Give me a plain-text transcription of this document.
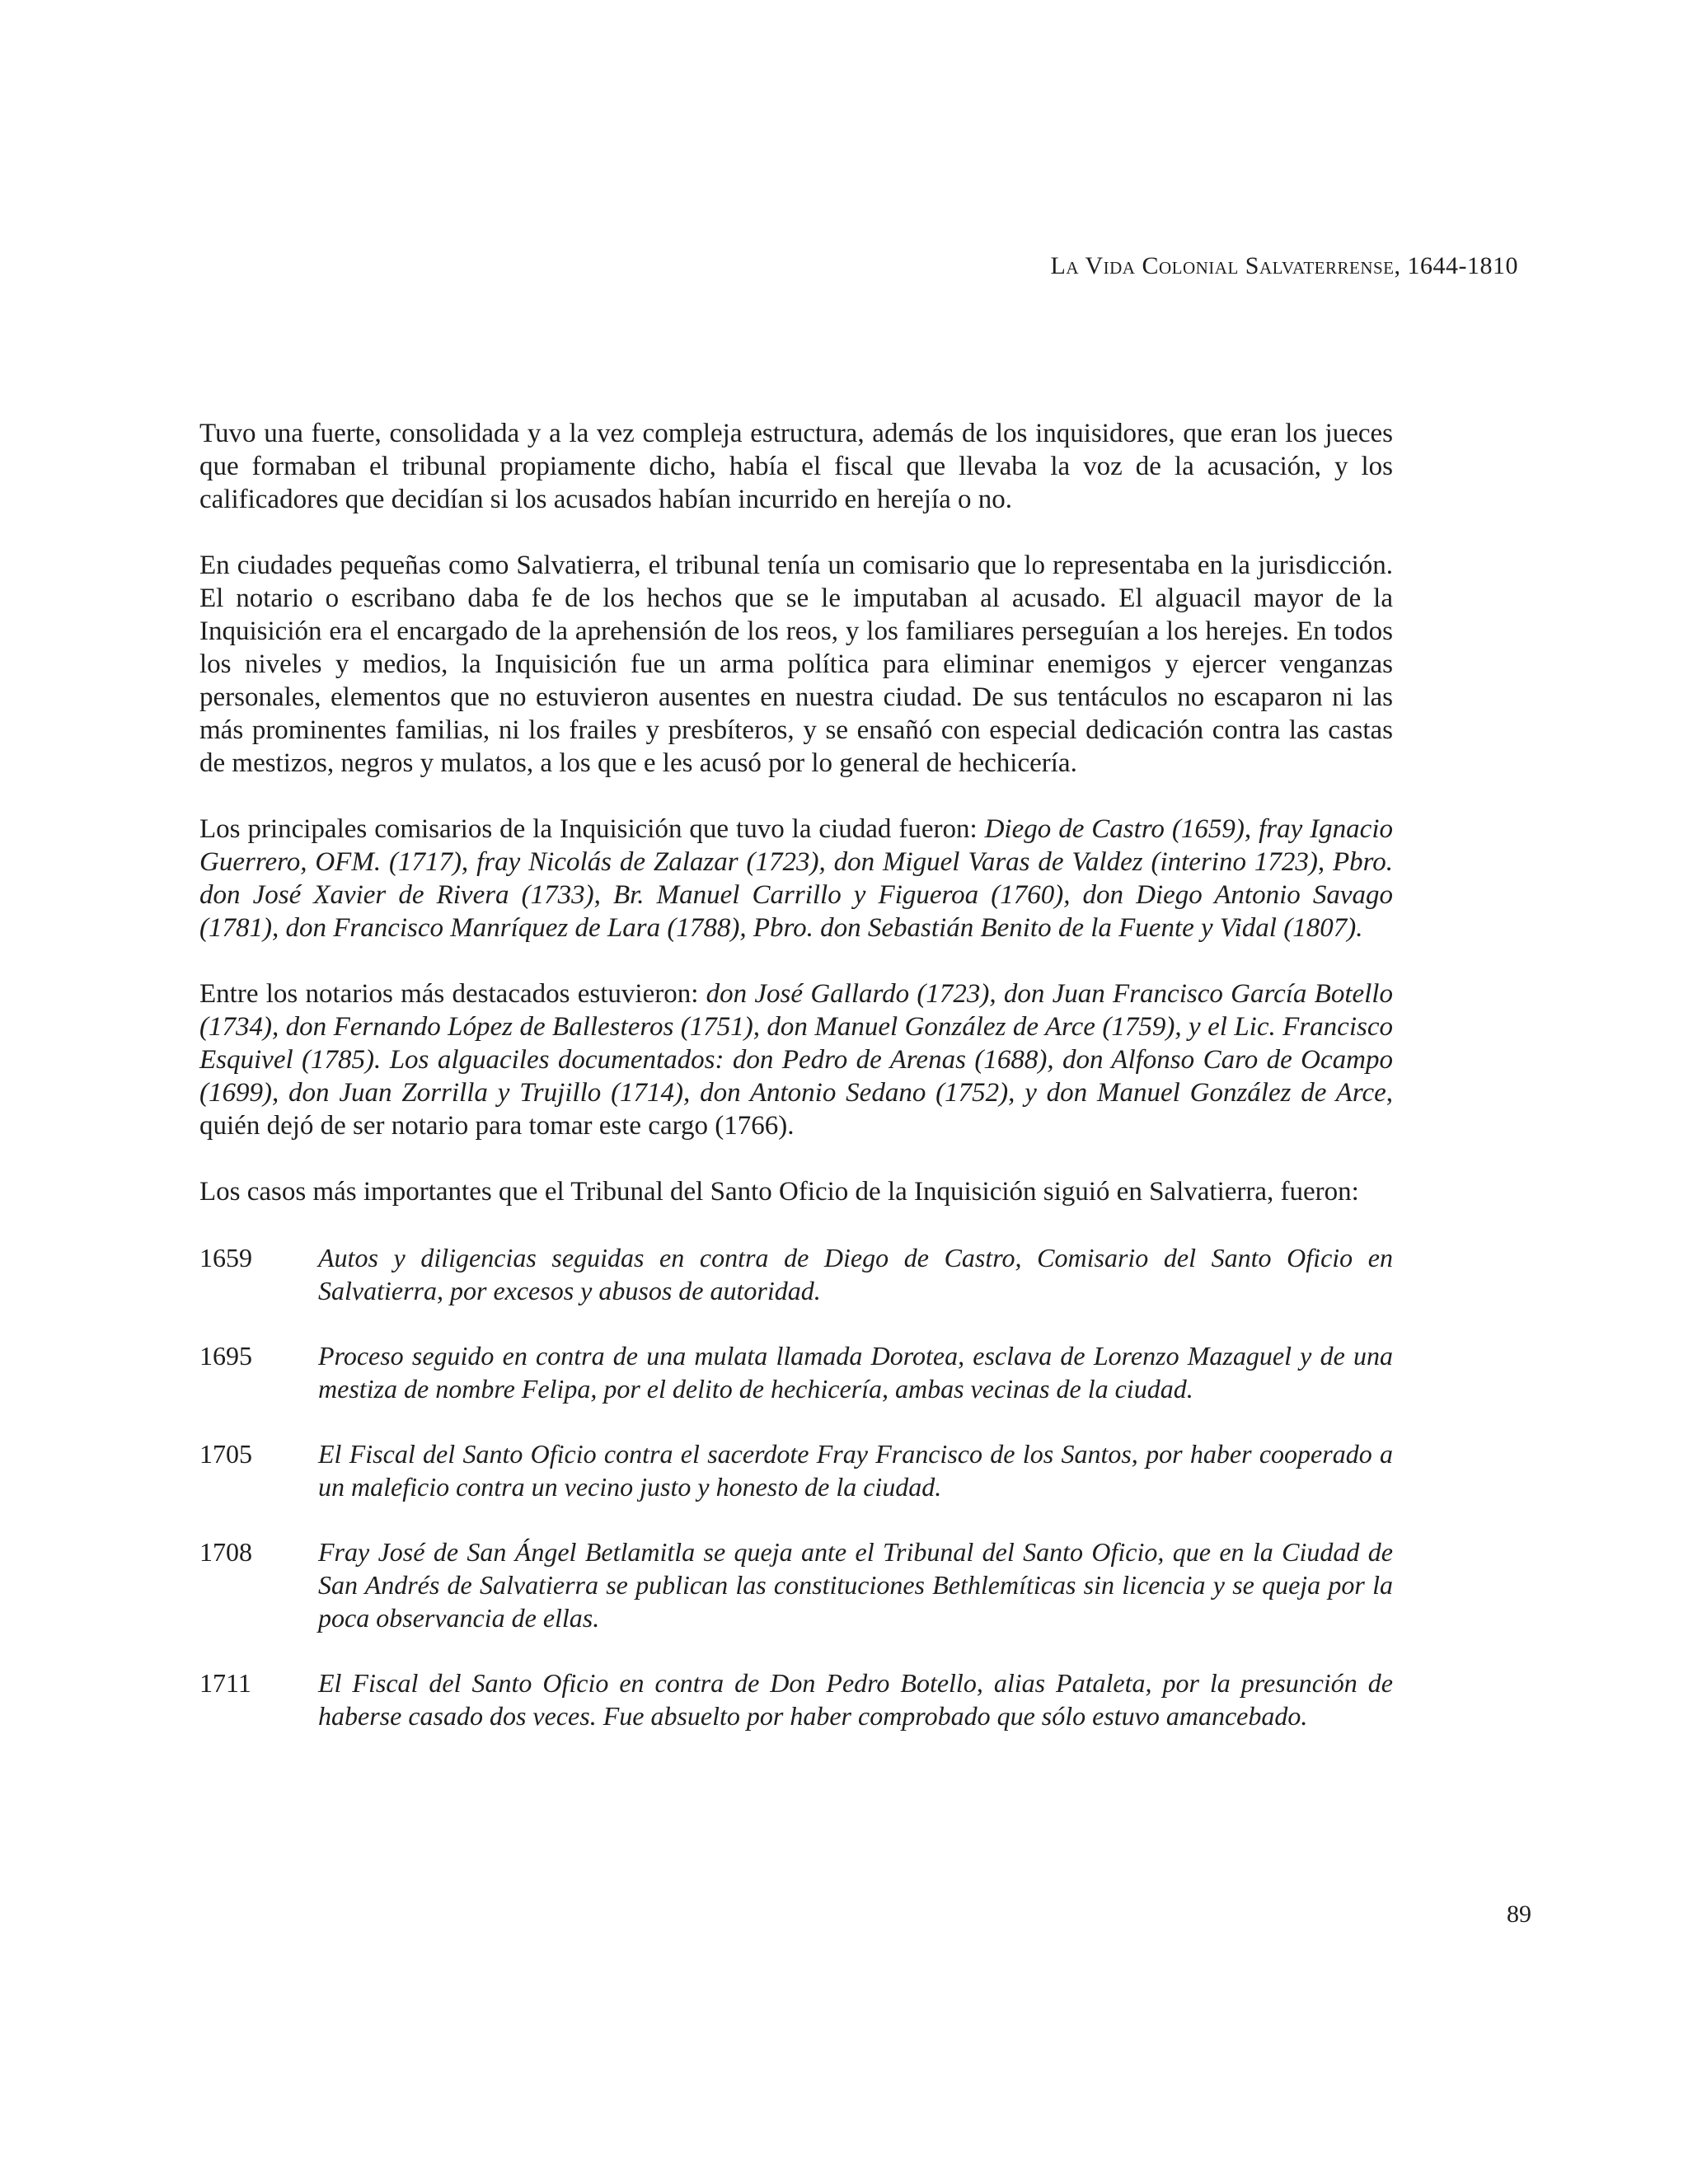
La Vida Colonial Salvaterrense, 1644-1810

Tuvo una fuerte, consolidada y a la vez compleja estructura, además de los inquisidores, que eran los jueces que formaban el tribunal propiamente dicho, había el fiscal que llevaba la voz de la acusación, y los calificadores que decidían si los acusados habían incurrido en herejía o no.

En ciudades pequeñas como Salvatierra, el tribunal tenía un comisario que lo representaba en la jurisdicción. El notario o escribano daba fe de los hechos que se le imputaban al acusado. El alguacil mayor de la Inquisición era el encargado de la aprehensión de los reos, y los familiares perseguían a los herejes. En todos los niveles y medios, la Inquisición fue un arma política para eliminar enemigos y ejercer venganzas personales, elementos que no estuvieron ausentes en nuestra ciudad. De sus tentáculos no escaparon ni las más prominentes familias, ni los frailes y presbíteros, y se ensañó con especial dedicación contra las castas de mestizos, negros y mulatos, a los que e les acusó por lo general de hechicería.

Los principales comisarios de la Inquisición que tuvo la ciudad fueron: Diego de Castro (1659), fray Ignacio Guerrero, OFM. (1717), fray Nicolás de Zalazar (1723), don Miguel Varas de Valdez (interino 1723), Pbro. don José Xavier de Rivera (1733), Br. Manuel Carrillo y Figueroa (1760), don Diego Antonio Savago (1781), don Francisco Manríquez de Lara (1788), Pbro. don Sebastián Benito de la Fuente y Vidal (1807).

Entre los notarios más destacados estuvieron: don José Gallardo (1723), don Juan Francisco García Botello (1734), don Fernando López de Ballesteros (1751), don Manuel González de Arce (1759), y el Lic. Francisco Esquivel (1785). Los alguaciles documentados: don Pedro de Arenas (1688), don Alfonso Caro de Ocampo (1699), don Juan Zorrilla y Trujillo (1714), don Antonio Sedano (1752), y don Manuel González de Arce, quién dejó de ser notario para tomar este cargo (1766).

Los casos más importantes que el Tribunal del Santo Oficio de la Inquisición siguió en Salvatierra, fueron:

1659	Autos y diligencias seguidas en contra de Diego de Castro, Comisario del Santo Oficio en Salvatierra, por excesos y abusos de autoridad.
1695	Proceso seguido en contra de una mulata llamada Dorotea, esclava de Lorenzo Mazaguel y de una mestiza de nombre Felipa, por el delito de hechicería, ambas vecinas de la ciudad.
1705	El Fiscal del Santo Oficio contra el sacerdote Fray Francisco de los Santos, por haber cooperado a un maleficio contra un vecino justo y honesto de la ciudad.
1708	Fray José de San Ángel Betlamitla se queja ante el Tribunal del Santo Oficio, que en la Ciudad de San Andrés de Salvatierra se publican las constituciones Bethlemíticas sin licencia y se queja por la poca observancia de ellas.
1711	El Fiscal del Santo Oficio en contra de Don Pedro Botello, alias Pataleta, por la presunción de haberse casado dos veces. Fue absuelto por haber comprobado que sólo estuvo amancebado.
89
